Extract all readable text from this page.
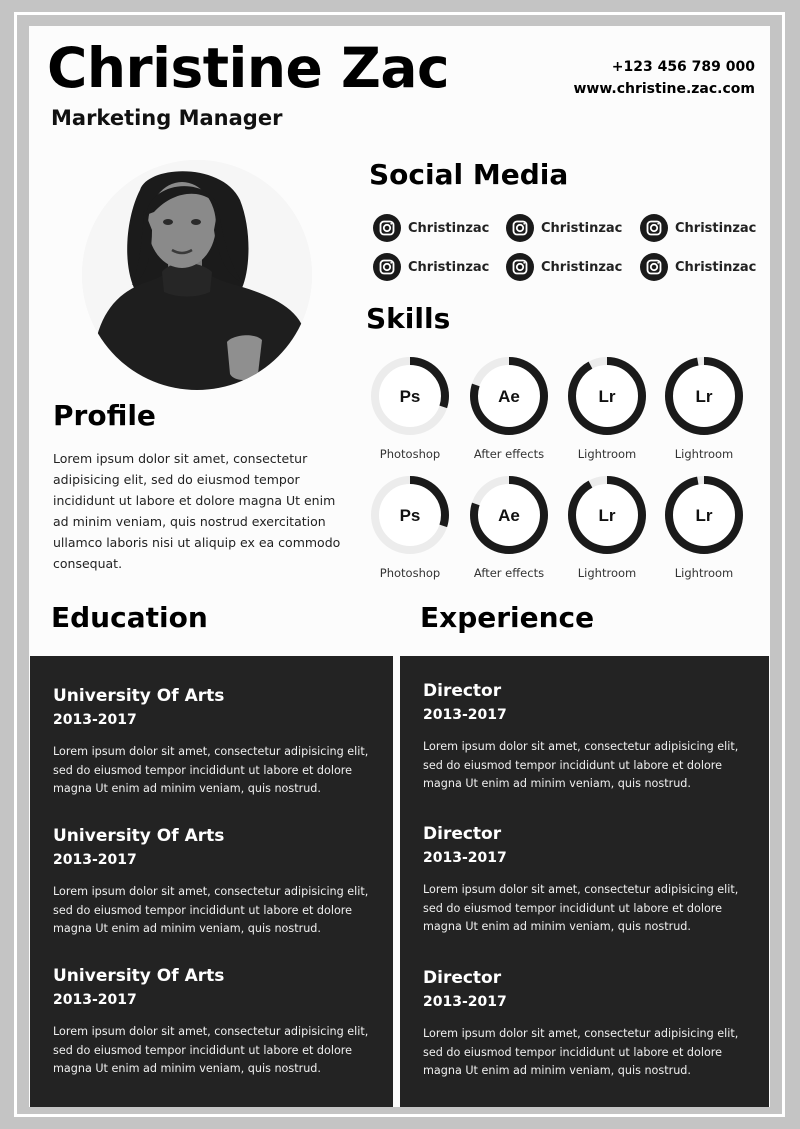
Christine Zac
Marketing Manager
+123 456 789 000
www.christine.zac.com
Social Media
Christinzac	Christinzac	Christinzac
Christinzac	Christinzac	Christinzac
Skills
Ps
Photoshop
Ae
After effects
Lr
Lightroom
Lr
Lightroom
Ps
Photoshop
Ae
After effects
Lr
Lightroom
Lr
Lightroom
Profile
Lorem ipsum dolor sit amet, consectetur adipisicing elit, sed do eiusmod tempor incididunt ut labore et dolore magna Ut enim ad minim veniam, quis nostrud exercitation ullamco laboris nisi ut aliquip ex ea commodo consequat.
Education	Experience
University Of Arts
2013-2017
Lorem ipsum dolor sit amet, consectetur adipisicing elit, sed do eiusmod tempor incididunt ut labore et dolore magna Ut enim ad minim veniam, quis nostrud.
University Of Arts
2013-2017
Lorem ipsum dolor sit amet, consectetur adipisicing elit, sed do eiusmod tempor incididunt ut labore et dolore magna Ut enim ad minim veniam, quis nostrud.
University Of Arts
2013-2017
Lorem ipsum dolor sit amet, consectetur adipisicing elit, sed do eiusmod tempor incididunt ut labore et dolore magna Ut enim ad minim veniam, quis nostrud.
Director
2013-2017
Lorem ipsum dolor sit amet, consectetur adipisicing elit, sed do eiusmod tempor incididunt ut labore et dolore magna Ut enim ad minim veniam, quis nostrud.
Director
2013-2017
Lorem ipsum dolor sit amet, consectetur adipisicing elit, sed do eiusmod tempor incididunt ut labore et dolore magna Ut enim ad minim veniam, quis nostrud.
Director
2013-2017
Lorem ipsum dolor sit amet, consectetur adipisicing elit, sed do eiusmod tempor incididunt ut labore et dolore magna Ut enim ad minim veniam, quis nostrud.
